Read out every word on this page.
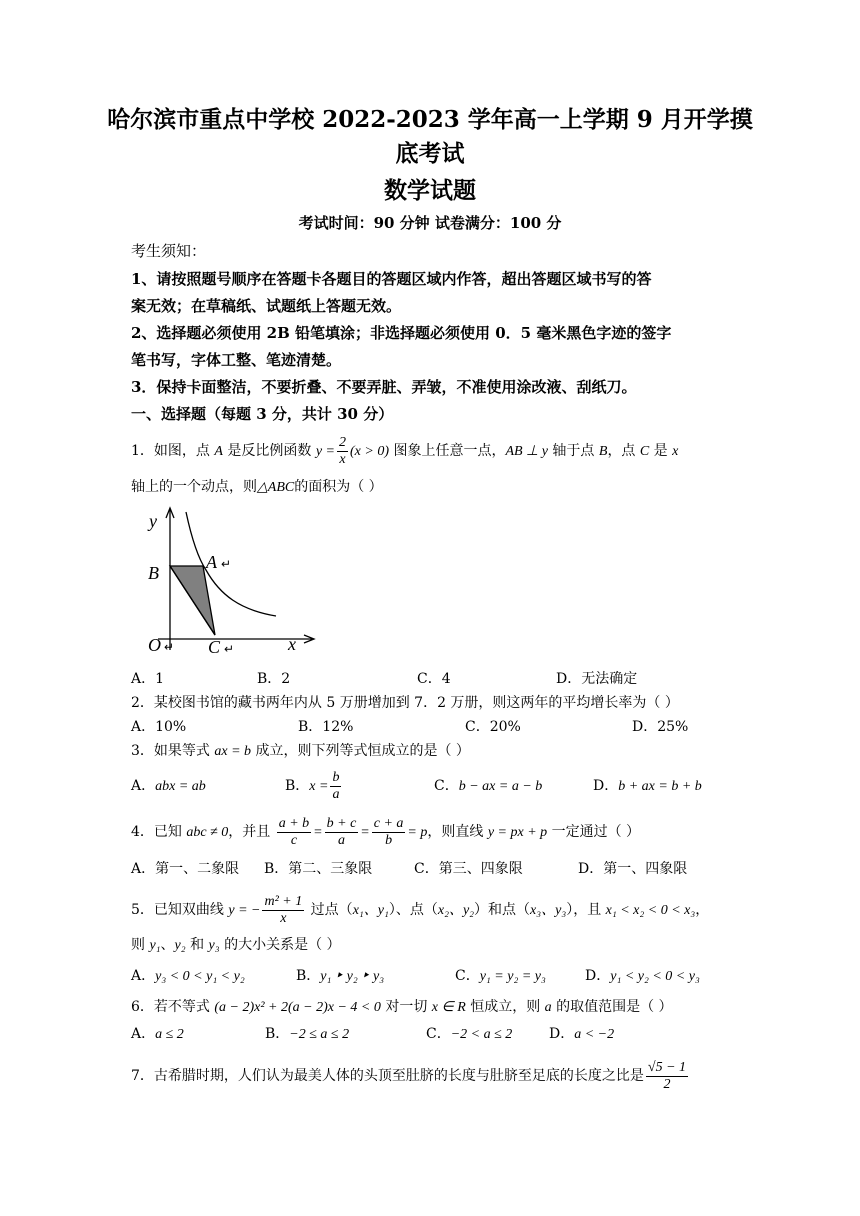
哈尔滨市重点中学校 2022-2023 学年高一上学期 9 月开学摸
底考试
数学试题
考试时间：90 分钟 试卷满分：100 分
考生须知：
1、请按照题号顺序在答题卡各题目的答题区域内作答，超出答题区域书写的答
案无效；在草稿纸、试题纸上答题无效。
2、选择题必须使用 2B 铅笔填涂；非选择题必须使用 0．5 毫米黑色字迹的签字
笔书写，字体工整、笔迹清楚。
3．保持卡面整洁，不要折叠、不要弄脏、弄皱，不准使用涂改液、刮纸刀。
一、选择题（每题 3 分，共计 30 分）
1．如图，点 A 是反比例函数 $y = \frac{2}{x} (x > 0)$ 图象上任意一点，AB ⊥ y 轴于点 B，点 C 是 x
轴上的一个动点，则△ABC的面积为（ ）
y
x
O ↵
A ↵
B
C ↵
A．1	B．2	C．4	D．无法确定
2．某校图书馆的藏书两年内从 5 万册增加到 7．2 万册，则这两年的平均增长率为（ ）
A．10%	B．12%	C．20%	D．25%
3．如果等式 ax = b 成立，则下列等式恒成立的是（ ）
A．abx = ab	B．$x = \frac{b}{a}$	C．b − ax = a − b	D．b + ax = b + b
4．已知 abc ≠ 0，并且 $\frac{a + b}{c} = \frac{b + c}{a} = \frac{c + a}{b} = p$，则直线 y = px + p 一定通过（ ）
A．第一、二象限 B．第二、三象限	C．第三、四象限	D．第一、四象限
5．已知双曲线 y = − $\frac{\text{m² + 1}}{x}$ 过点（x₁、y₁）、点（x₂、y₂）和点（x₃、y₃），且 x₁ < x₂ < 0 < x₃，
则 y₁、y₂ 和 y₃ 的大小关系是（ ）
A．y₃ < 0 < y₁ < y₂	B．y₁ ‣ y₂ ‣ y₃	C．y₁ = y₂ = y₃	D．y₁ < y₂ < 0 < y₃
6．若不等式 (a − 2)x² + 2(a − 2)x − 4 < 0 对一切 x ∈ R 恒成立，则 a 的取值范围是（ ）
A．a ≤ 2	B．−2 ≤ a ≤ 2	C．−2 < a ≤ 2	D．a < −2
7．古希腊时期，人们认为最美人体的头顶至肚脐的长度与肚脐至足底的长度之比是 $\frac{√5 - 1}{2}$
